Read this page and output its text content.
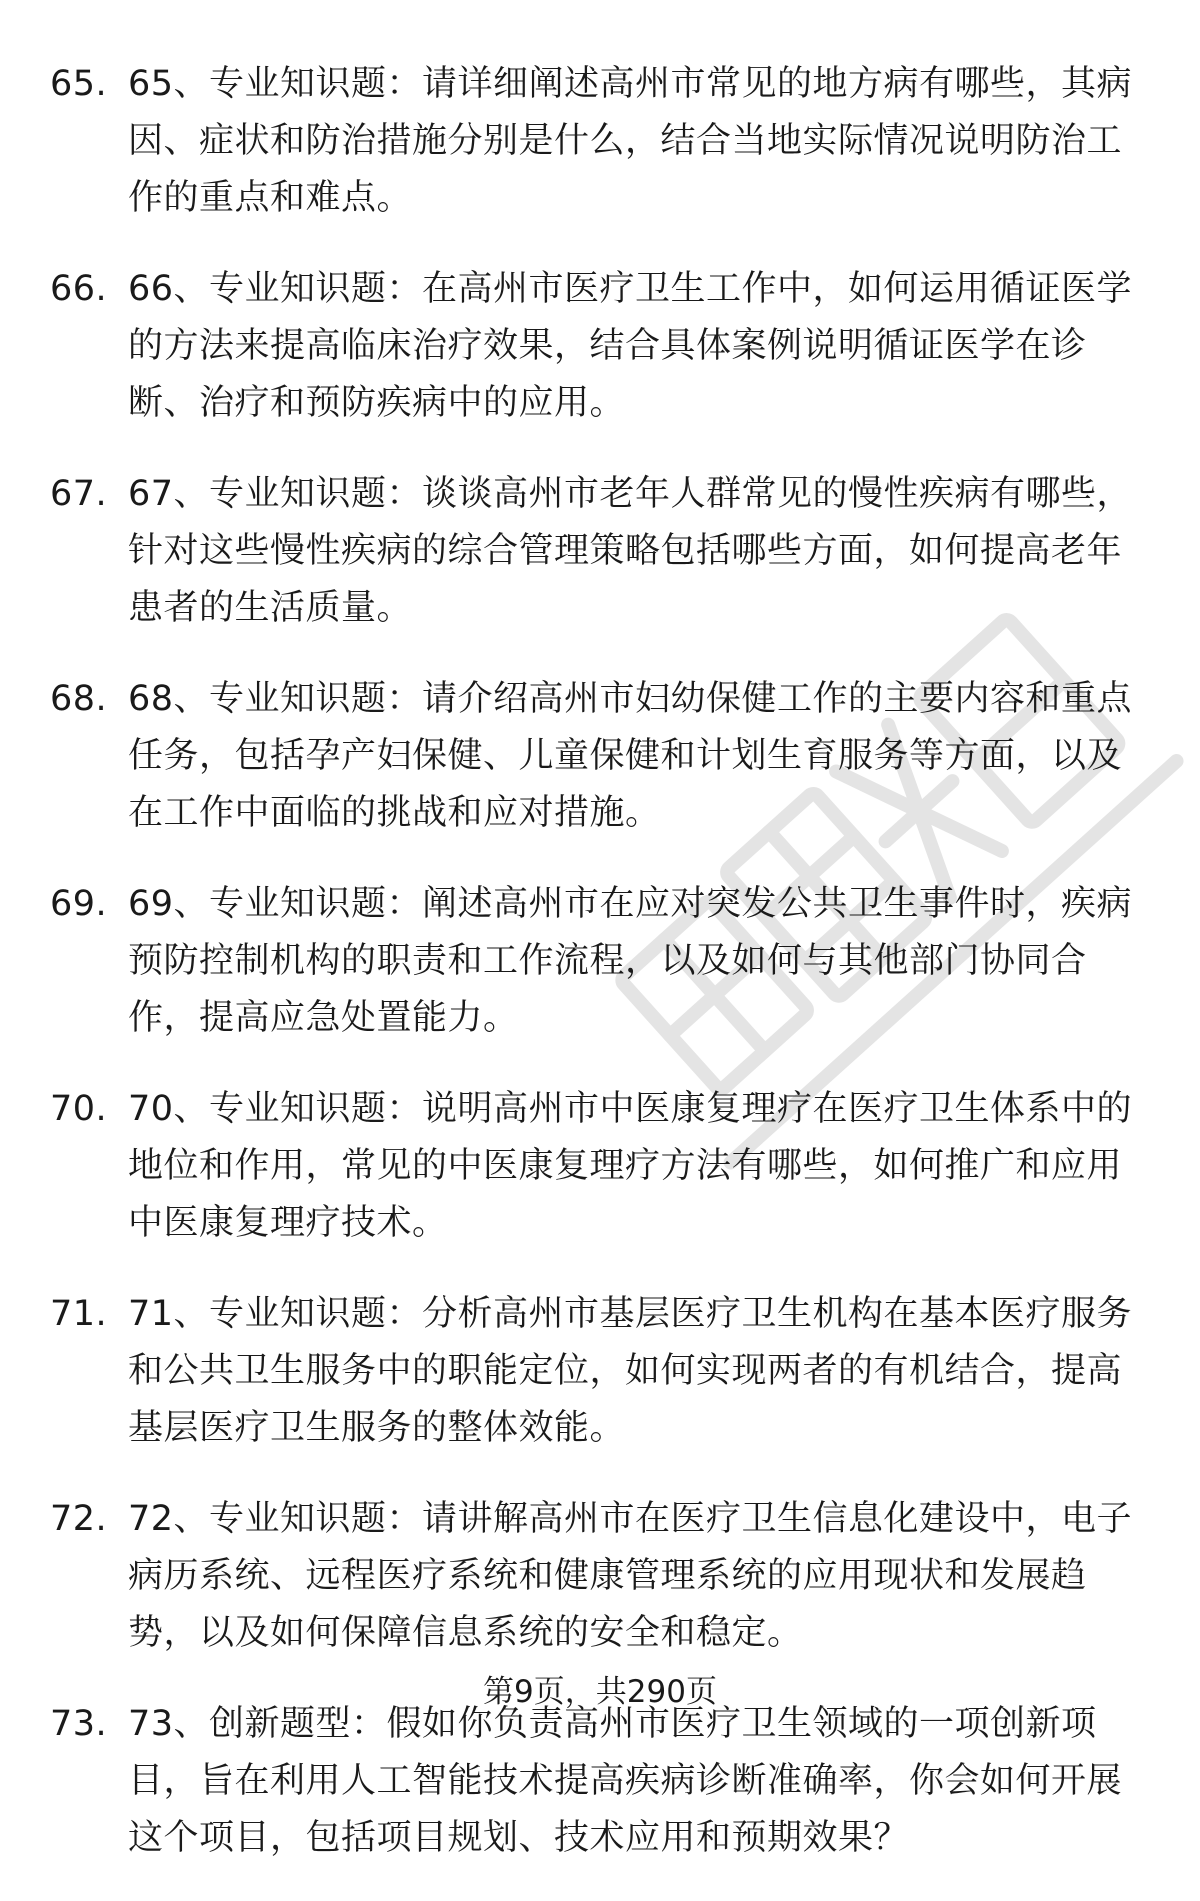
65. 65、专业知识题：请详细阐述高州市常见的地方病有哪些，其病因、症状和防治措施分别是什么，结合当地实际情况说明防治工作的重点和难点。
66. 66、专业知识题：在高州市医疗卫生工作中，如何运用循证医学的方法来提高临床治疗效果，结合具体案例说明循证医学在诊断、治疗和预防疾病中的应用。
67. 67、专业知识题：谈谈高州市老年人群常见的慢性疾病有哪些，针对这些慢性疾病的综合管理策略包括哪些方面，如何提高老年患者的生活质量。
68. 68、专业知识题：请介绍高州市妇幼保健工作的主要内容和重点任务，包括孕产妇保健、儿童保健和计划生育服务等方面，以及在工作中面临的挑战和应对措施。
69. 69、专业知识题：阐述高州市在应对突发公共卫生事件时，疾病预防控制机构的职责和工作流程，以及如何与其他部门协同合作，提高应急处置能力。
70. 70、专业知识题：说明高州市中医康复理疗在医疗卫生体系中的地位和作用，常见的中医康复理疗方法有哪些，如何推广和应用中医康复理疗技术。
71. 71、专业知识题：分析高州市基层医疗卫生机构在基本医疗服务和公共卫生服务中的职能定位，如何实现两者的有机结合，提高基层医疗卫生服务的整体效能。
72. 72、专业知识题：请讲解高州市在医疗卫生信息化建设中，电子病历系统、远程医疗系统和健康管理系统的应用现状和发展趋势，以及如何保障信息系统的安全和稳定。
73. 73、创新题型：假如你负责高州市医疗卫生领域的一项创新项目，旨在利用人工智能技术提高疾病诊断准确率，你会如何开展这个项目，包括项目规划、技术应用和预期效果？
第9页，共290页
